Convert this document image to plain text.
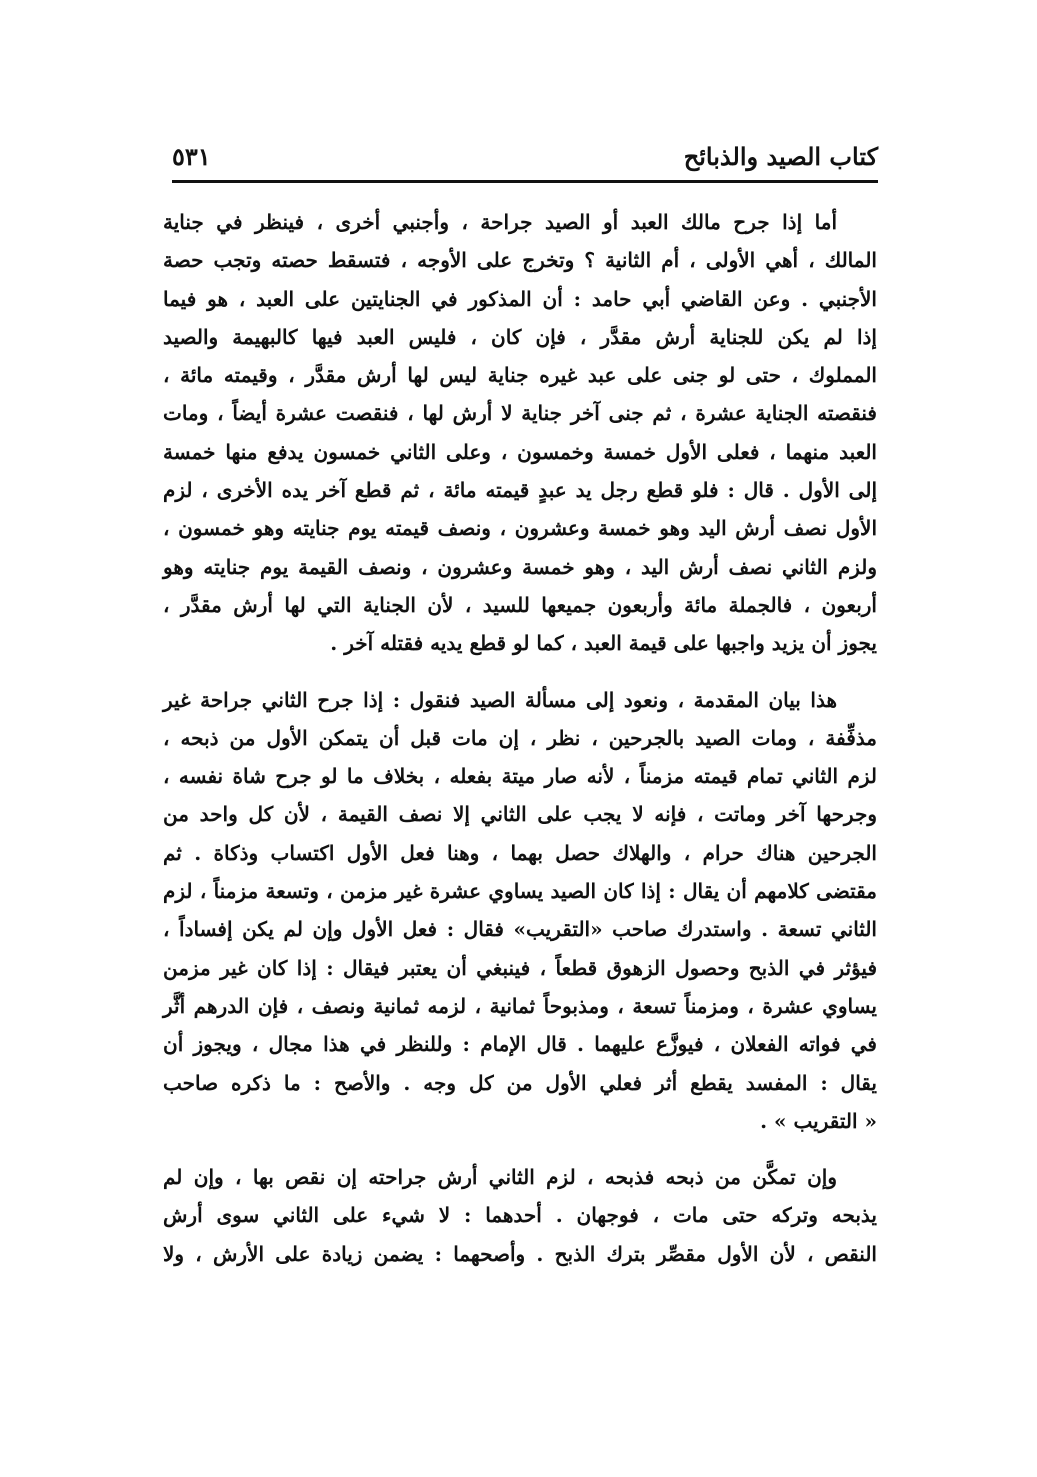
كتاب الصيد والذبائح
٥٣١

أما إذا جرح مالك العبد أو الصيد جراحة ، وأجنبي أخرى ، فينظر في جناية

المالك ، أهي الأولى ، أم الثانية ؟ وتخرج على الأوجه ، فتسقط حصته وتجب حصة

الأجنبي . وعن القاضي أبي حامد : أن المذكور في الجنايتين على العبد ، هو فيما

إذا لم يكن للجناية أرش مقدَّر ، فإن كان ، فليس العبد فيها كالبهيمة والصيد

المملوك ، حتى لو جنى على عبد غيره جناية ليس لها أرش مقدَّر ، وقيمته مائة ،

فنقصته الجناية عشرة ، ثم جنى آخر جناية لا أرش لها ، فنقصت عشرة أيضاً ، ومات

العبد منهما ، فعلى الأول خمسة وخمسون ، وعلى الثاني خمسون يدفع منها خمسة

إلى الأول . قال : فلو قطع رجل يد عبدٍ قيمته مائة ، ثم قطع آخر يده الأخرى ، لزم

الأول نصف أرش اليد وهو خمسة وعشرون ، ونصف قيمته يوم جنايته وهو خمسون ،

ولزم الثاني نصف أرش اليد ، وهو خمسة وعشرون ، ونصف القيمة يوم جنايته وهو

أربعون ، فالجملة مائة وأربعون جميعها للسيد ، لأن الجناية التي لها أرش مقدَّر ،

يجوز أن يزيد واجبها على قيمة العبد ، كما لو قطع يديه فقتله آخر .

هذا بيان المقدمة ، ونعود إلى مسألة الصيد فنقول : إذا جرح الثاني جراحة غير

مذفِّفة ، ومات الصيد بالجرحين ، نظر ، إن مات قبل أن يتمكن الأول من ذبحه ،

لزم الثاني تمام قيمته مزمناً ، لأنه صار ميتة بفعله ، بخلاف ما لو جرح شاة نفسه ،

وجرحها آخر وماتت ، فإنه لا يجب على الثاني إلا نصف القيمة ، لأن كل واحد من

الجرحين هناك حرام ، والهلاك حصل بهما ، وهنا فعل الأول اكتساب وذكاة . ثم

مقتضى كلامهم أن يقال : إذا كان الصيد يساوي عشرة غير مزمن ، وتسعة مزمناً ، لزم

الثاني تسعة . واستدرك صاحب «التقريب» فقال : فعل الأول وإن لم يكن إفساداً ،

فيؤثر في الذبح وحصول الزهوق قطعاً ، فينبغي أن يعتبر فيقال : إذا كان غير مزمن

يساوي عشرة ، ومزمناً تسعة ، ومذبوحاً ثمانية ، لزمه ثمانية ونصف ، فإن الدرهم أثَّر

في فواته الفعلان ، فيوزَّع عليهما . قال الإمام : وللنظر في هذا مجال ، ويجوز أن

يقال : المفسد يقطع أثر فعلي الأول من كل وجه . والأصح : ما ذكره صاحب

« التقريب » .

وإن تمكَّن من ذبحه فذبحه ، لزم الثاني أرش جراحته إن نقص بها ، وإن لم

يذبحه وتركه حتى مات ، فوجهان . أحدهما : لا شيء على الثاني سوى أرش

النقص ، لأن الأول مقصِّر بترك الذبح . وأصحهما : يضمن زيادة على الأرش ، ولا
